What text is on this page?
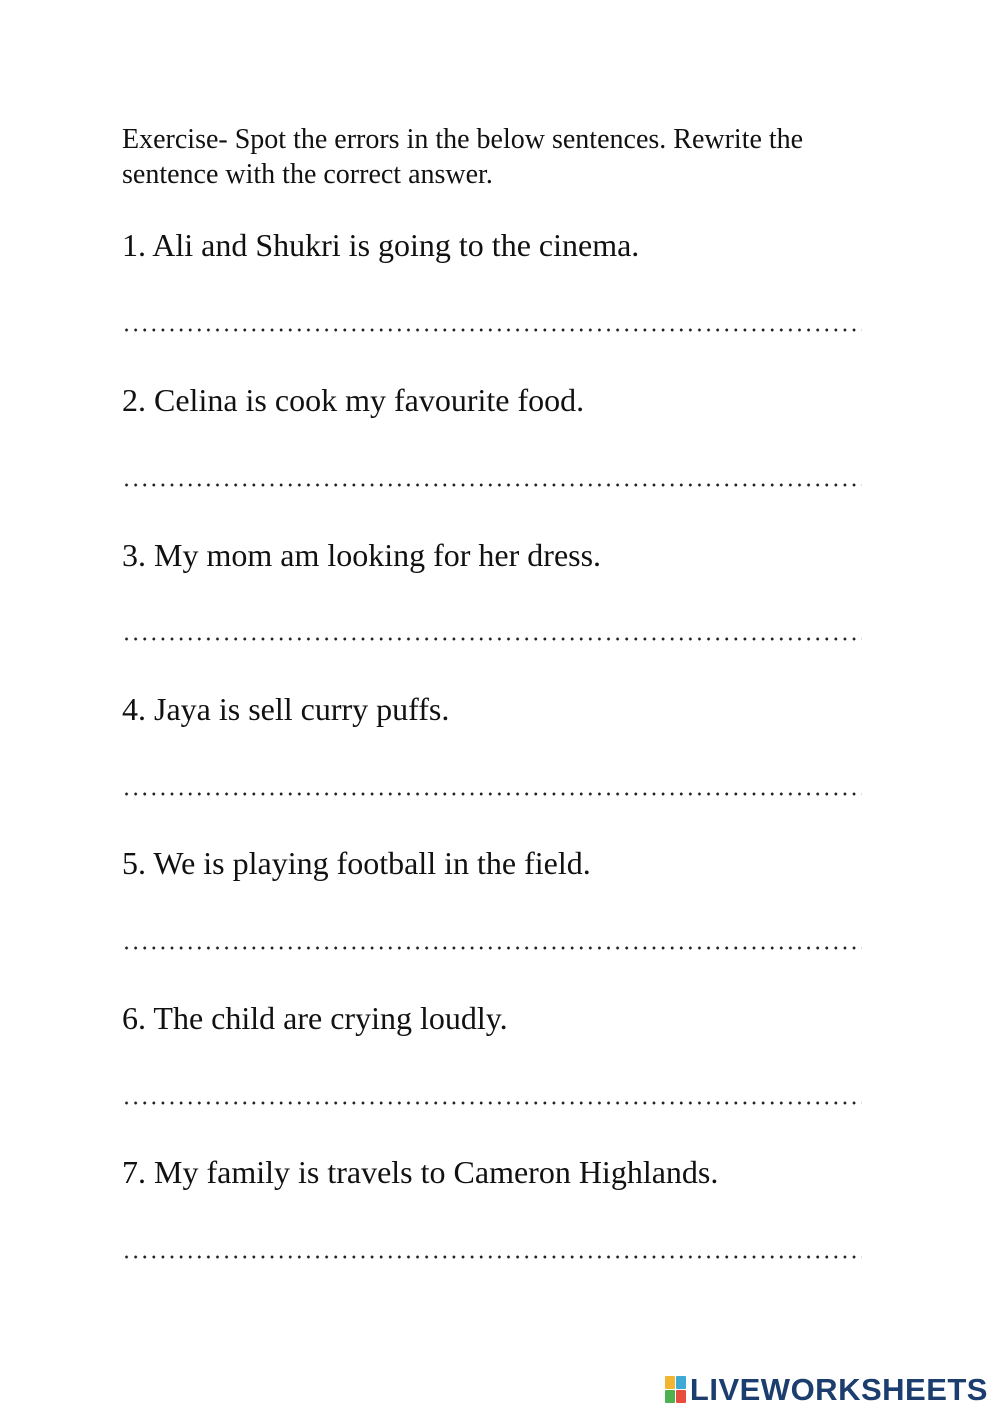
Exercise- Spot the errors in the below sentences. Rewrite the sentence with the correct answer.

1. Ali and Shukri is going to the cinema.

2. Celina is cook my favourite food.

3. My mom am looking for her dress.

4. Jaya is sell curry puffs.

5. We is playing football in the field.

6. The child are crying loudly.

7. My family is travels to Cameron Highlands.

LIVEWORKSHEETS
